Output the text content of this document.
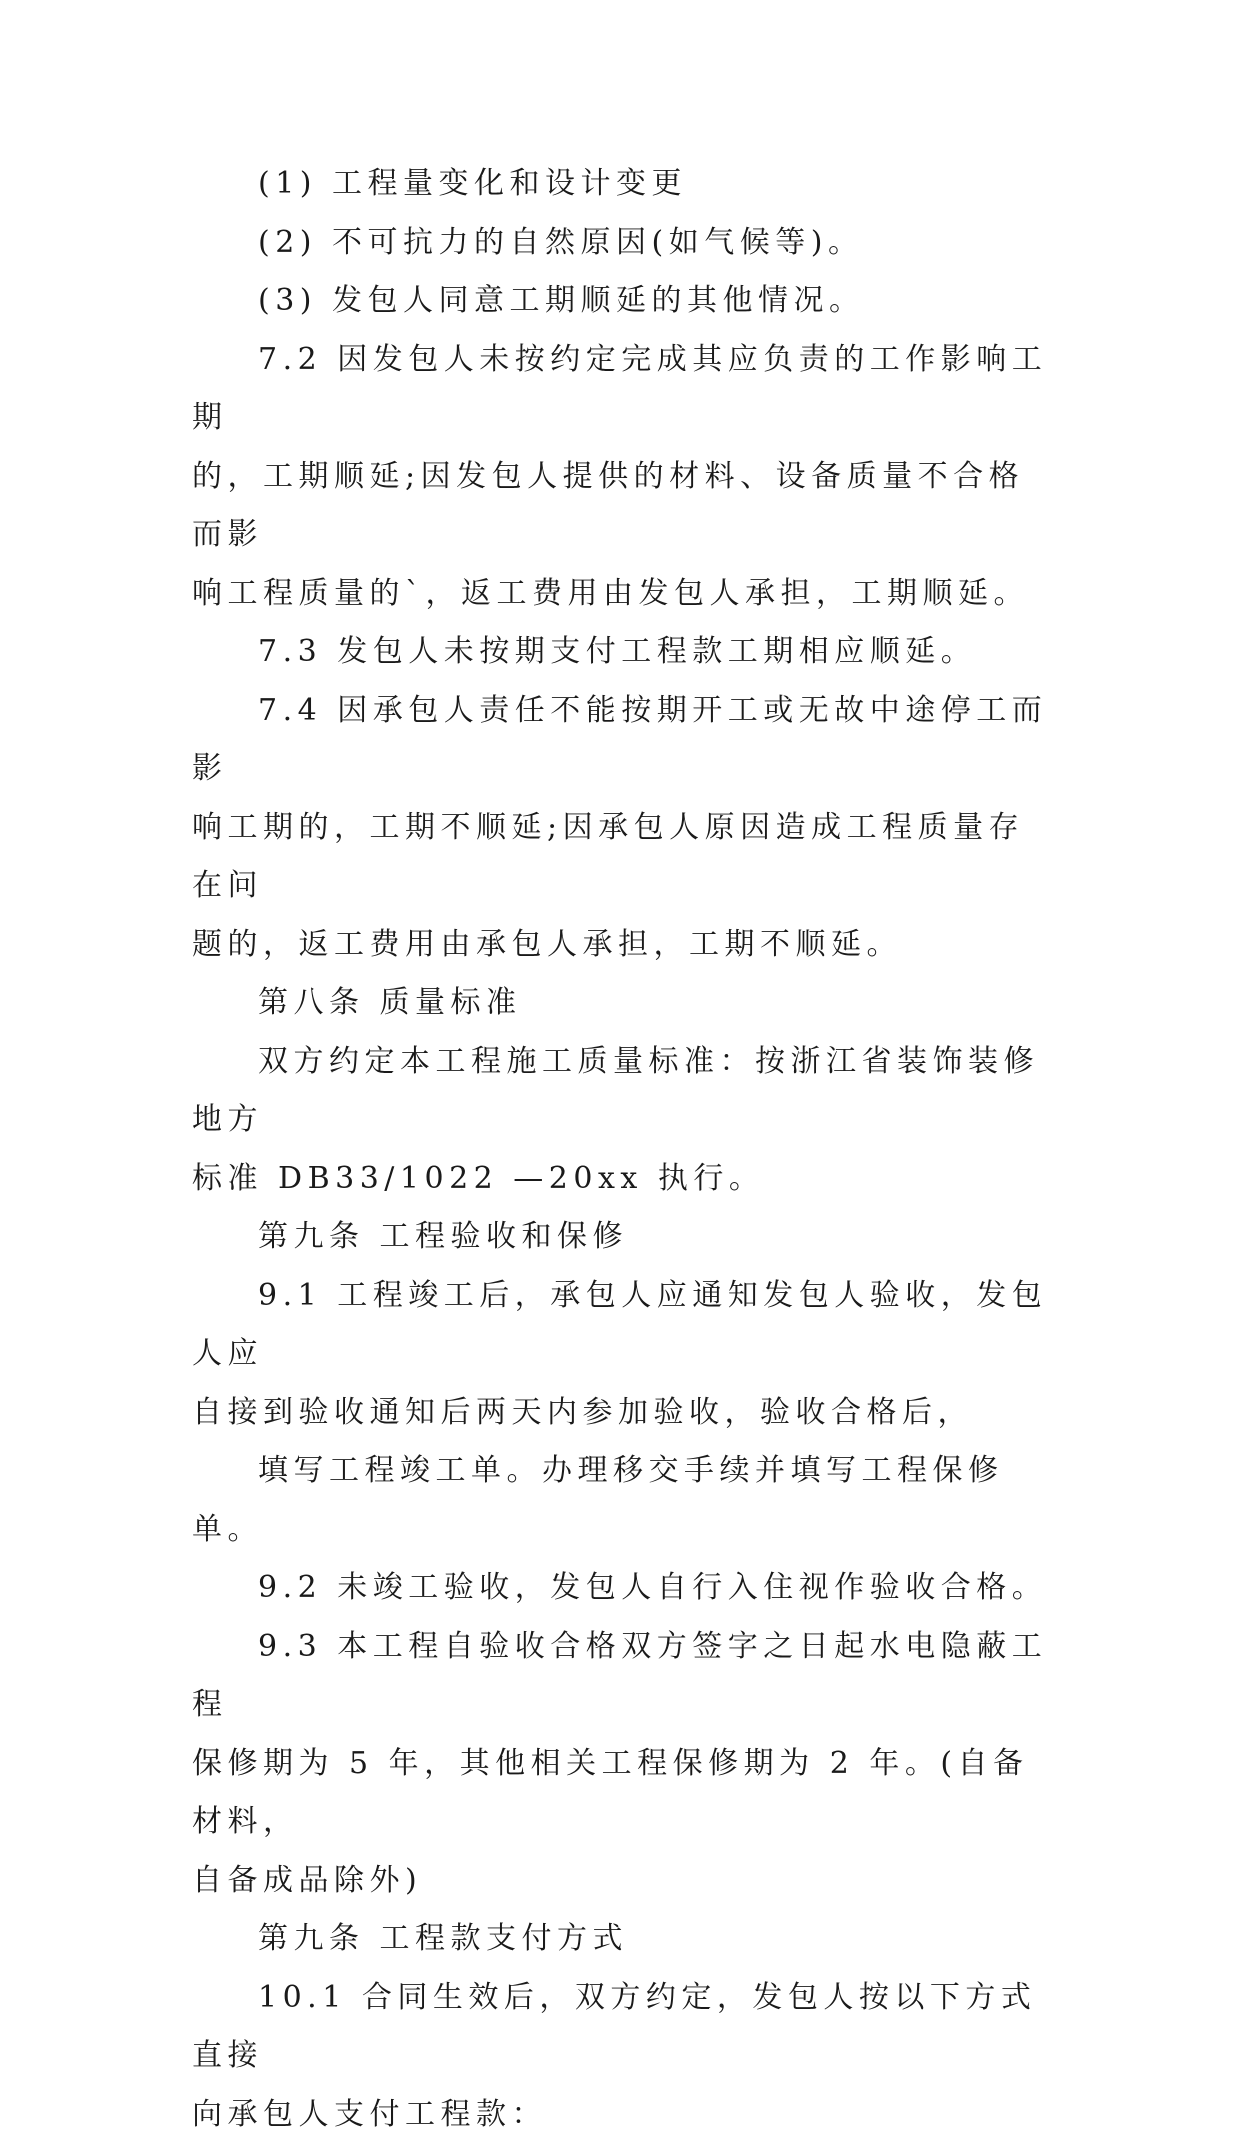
(1) 工程量变化和设计变更

(2) 不可抗力的自然原因(如气候等)。

(3) 发包人同意工期顺延的其他情况。

7.2 因发包人未按约定完成其应负责的工作影响工期
的，工期顺延;因发包人提供的材料、设备质量不合格而影
响工程质量的`，返工费用由发包人承担，工期顺延。

7.3 发包人未按期支付工程款工期相应顺延。

7.4 因承包人责任不能按期开工或无故中途停工而影
响工期的，工期不顺延;因承包人原因造成工程质量存在问
题的，返工费用由承包人承担，工期不顺延。

第八条 质量标准

双方约定本工程施工质量标准：按浙江省装饰装修地方
标准 DB33/1022 —20xx 执行。

第九条 工程验收和保修

9.1 工程竣工后，承包人应通知发包人验收，发包人应
自接到验收通知后两天内参加验收，验收合格后，

填写工程竣工单。办理移交手续并填写工程保修单。

9.2 未竣工验收，发包人自行入住视作验收合格。

9.3 本工程自验收合格双方签字之日起水电隐蔽工程
保修期为 5 年，其他相关工程保修期为 2 年。(自备材料，
自备成品除外)

第九条 工程款支付方式

10.1 合同生效后，双方约定，发包人按以下方式直接
向承包人支付工程款：
